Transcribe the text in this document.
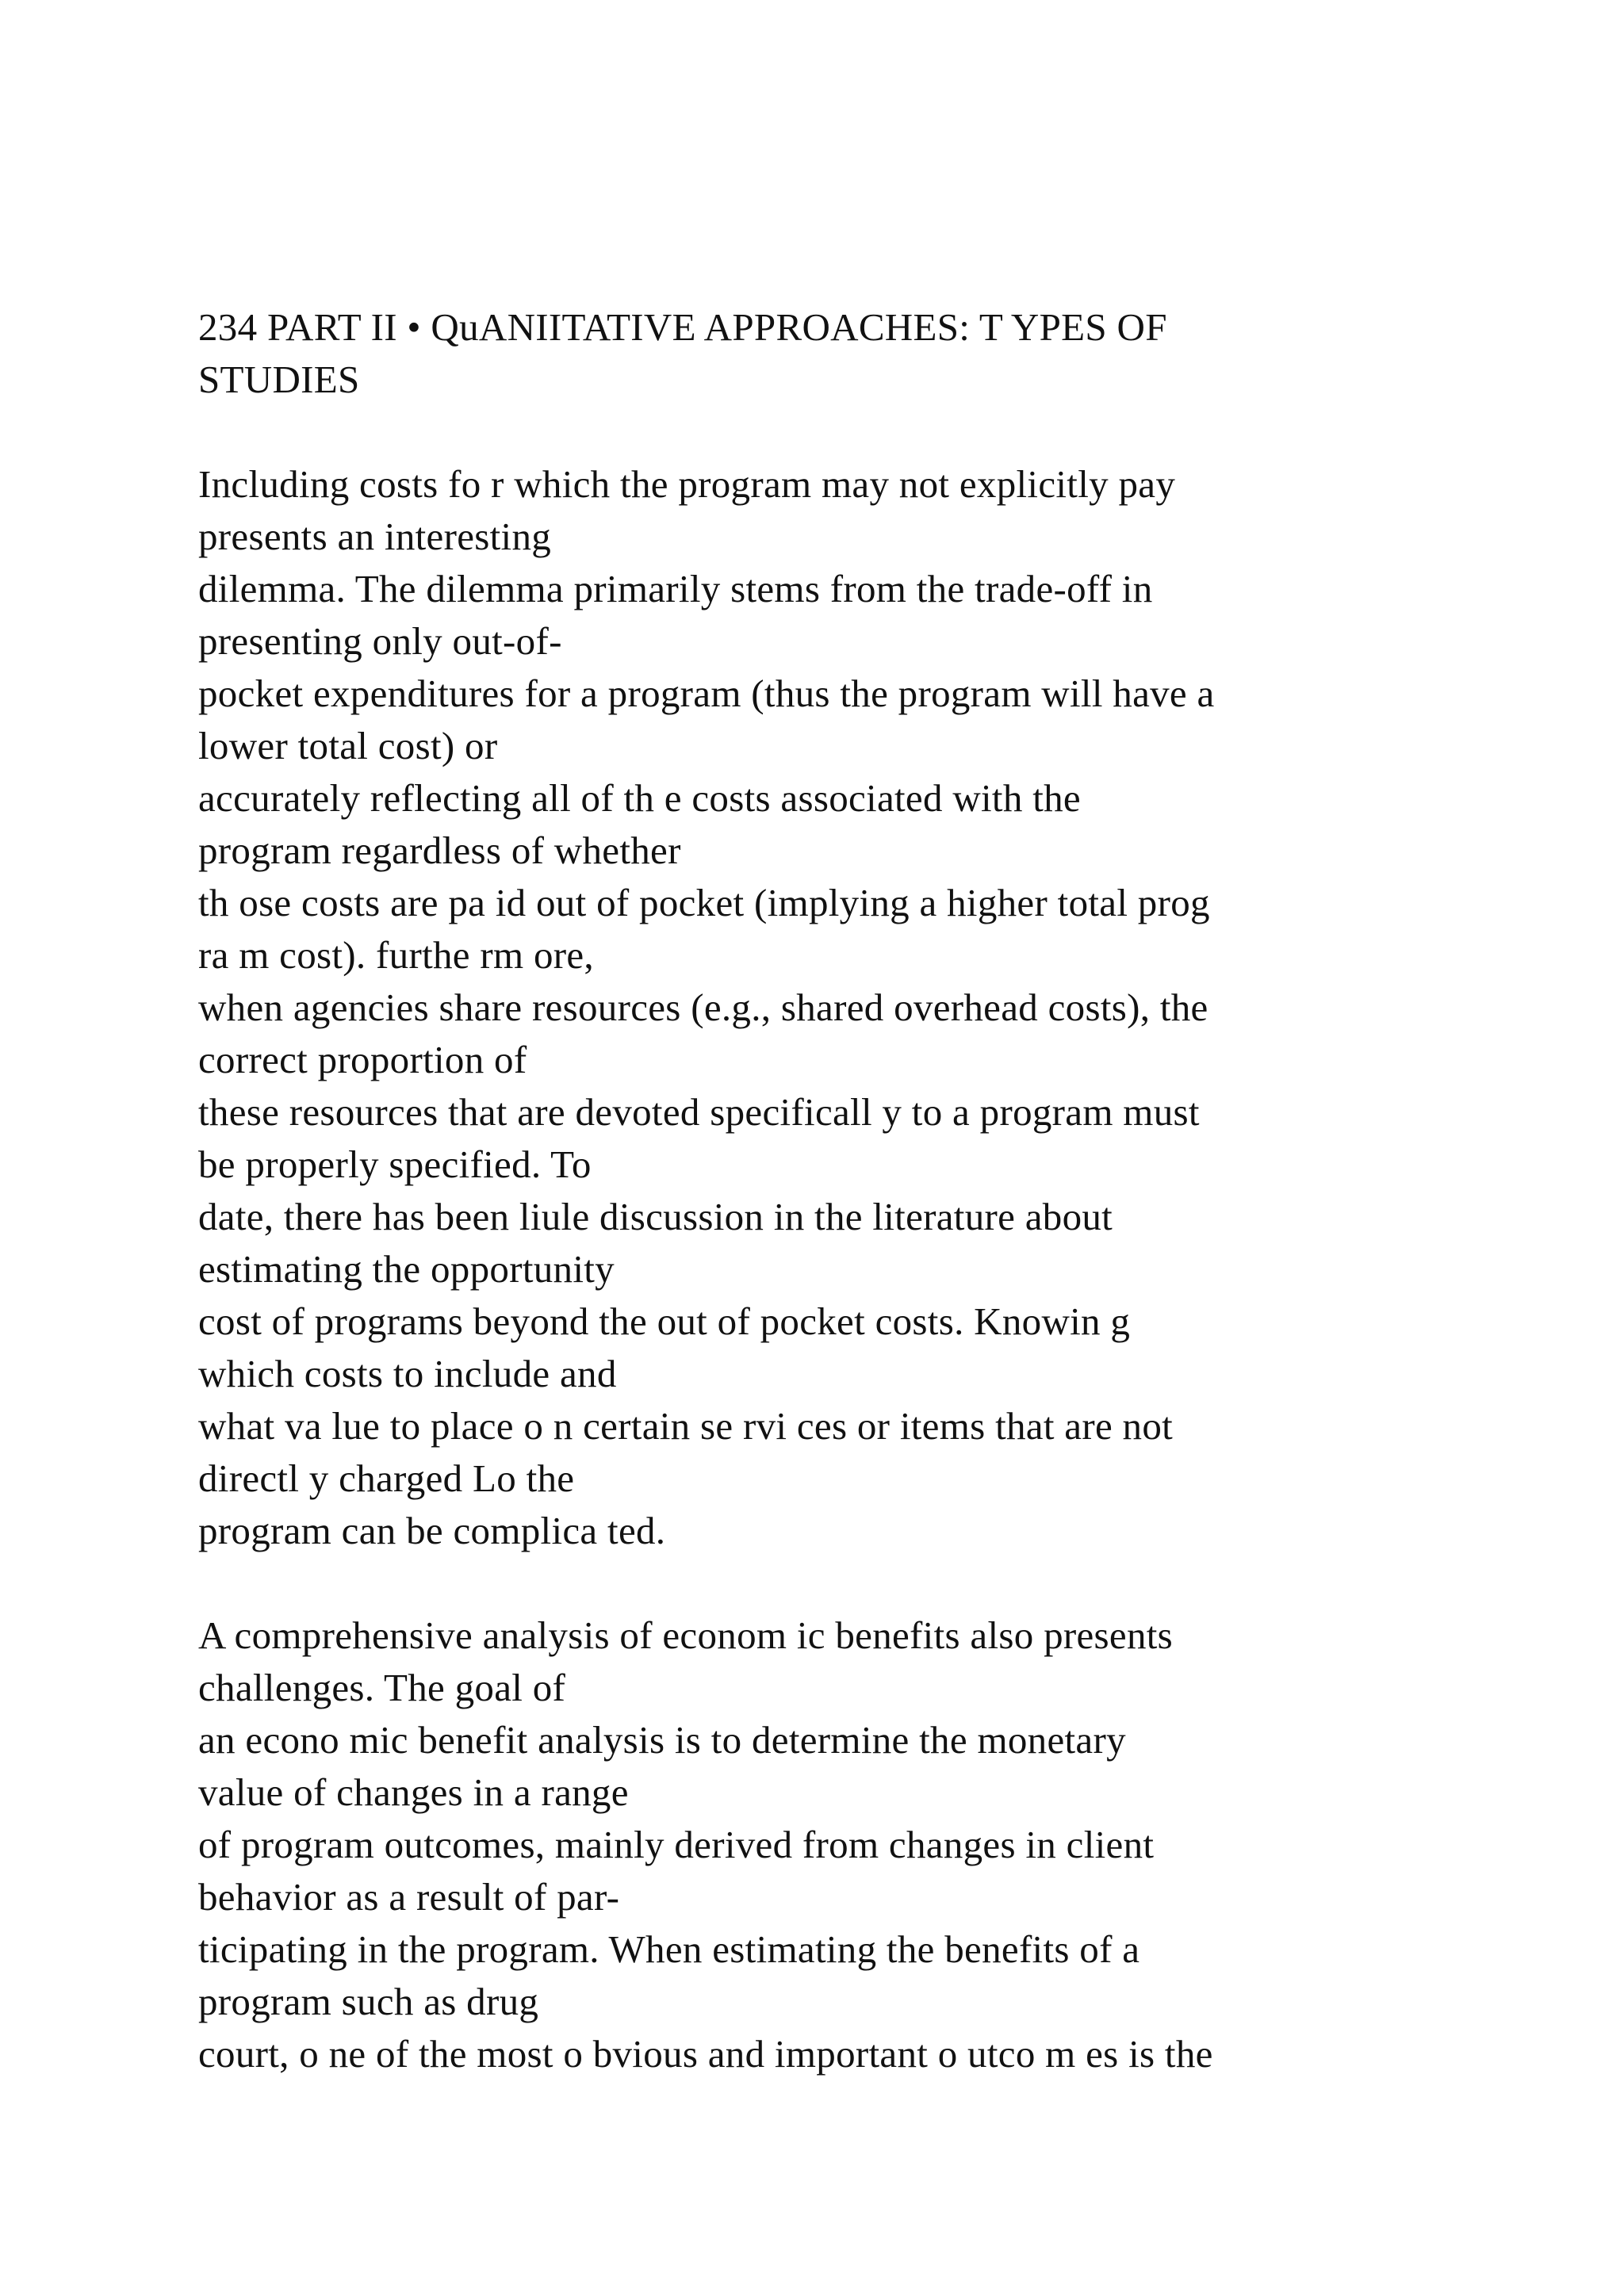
234 PART II • QuANIITATIVE APPROACHES: T YPES OF
STUDIES
Including costs fo r which the program may not explicitly pay
presents an interesting
dilemma. The dilemma primarily stems from the trade-off in
presenting only out-of-
pocket expenditures for a program (thus the program will have a
lower total cost) or
accurately reflecting all of th e costs associated with the
program regardless of whether
th ose costs are pa id out of pocket (implying a higher total prog
ra m cost). furthe rm ore,
when agencies share resources (e.g., shared overhead costs), the
correct proportion of
these resources that are devoted specificall y to a program must
be properly specified. To
date, there has been liule discussion in the literature about
estimating the opportunity
cost of programs beyond the out of pocket costs. Knowin g
which costs to include and
what va lue to place o n certain se rvi ces or items that are not
directl y charged Lo the
program can be complica ted.
A comprehensive analysis of econom ic benefits also presents
challenges. The goal of
an econo mic benefit analysis is to determine the monetary
value of changes in a range
of program outcomes, mainly derived from changes in client
behavior as a result of par-
ticipating in the program. When estimating the benefits of a
program such as drug
court, o ne of the most o bvious and important o utco m es is the
